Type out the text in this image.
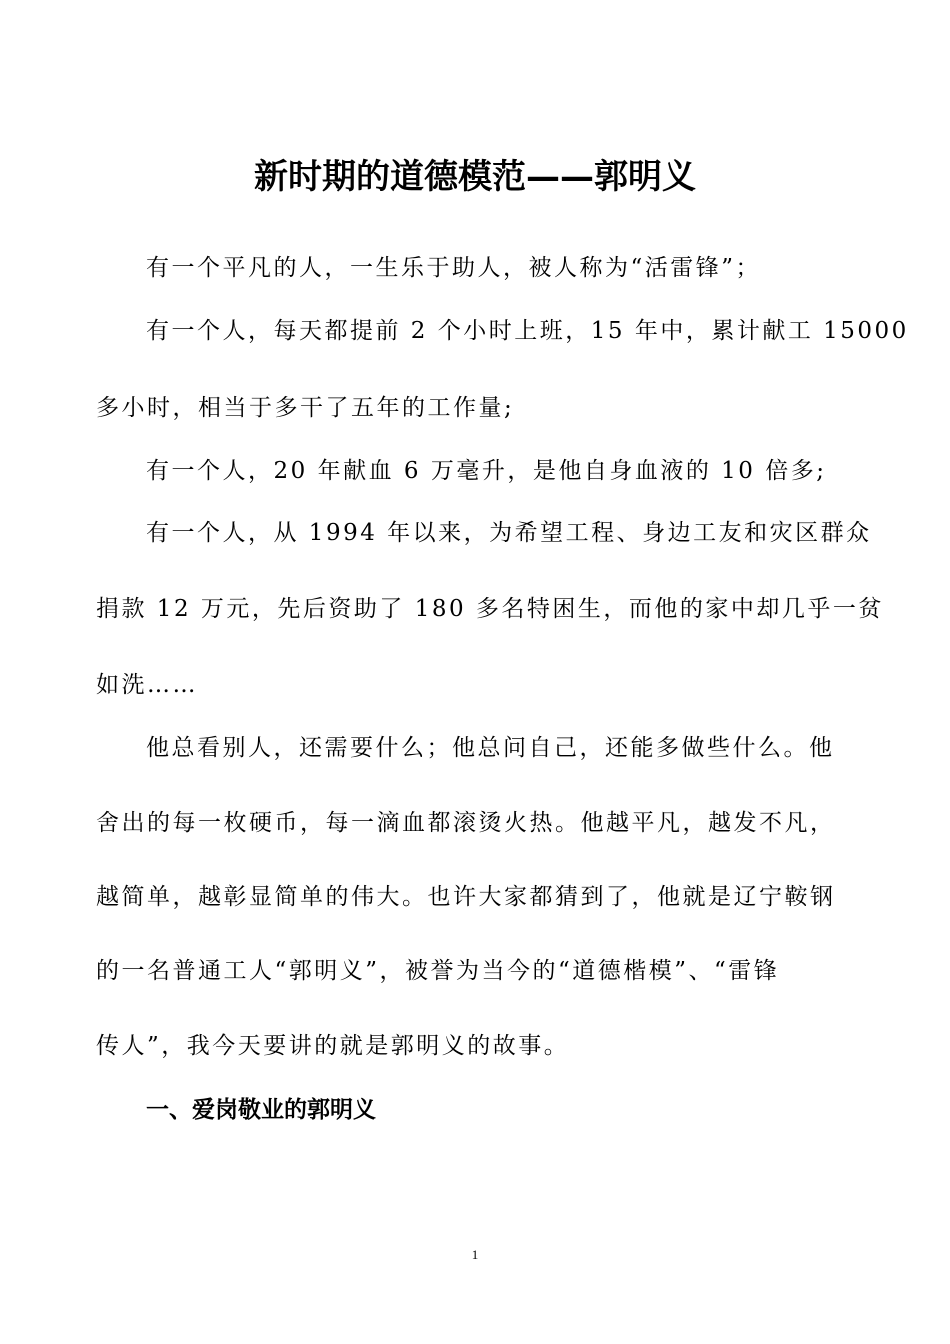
新时期的道德模范——郭明义
有一个平凡的人，一生乐于助人，被人称为“活雷锋”；
有一个人，每天都提前 2 个小时上班，15 年中，累计献工 15000
多小时，相当于多干了五年的工作量;
有一个人，20 年献血 6 万毫升，是他自身血液的 10 倍多;
有一个人，从 1994 年以来，为希望工程、身边工友和灾区群众
捐款 12 万元，先后资助了 180 多名特困生，而他的家中却几乎一贫
如洗……
他总看别人，还需要什么；他总问自己，还能多做些什么。他
舍出的每一枚硬币，每一滴血都滚烫火热。他越平凡，越发不凡，
越简单，越彰显简单的伟大。也许大家都猜到了，他就是辽宁鞍钢
的一名普通工人“郭明义”，被誉为当今的“道德楷模”、“雷锋
传人”，我今天要讲的就是郭明义的故事。
一、爱岗敬业的郭明义
1
